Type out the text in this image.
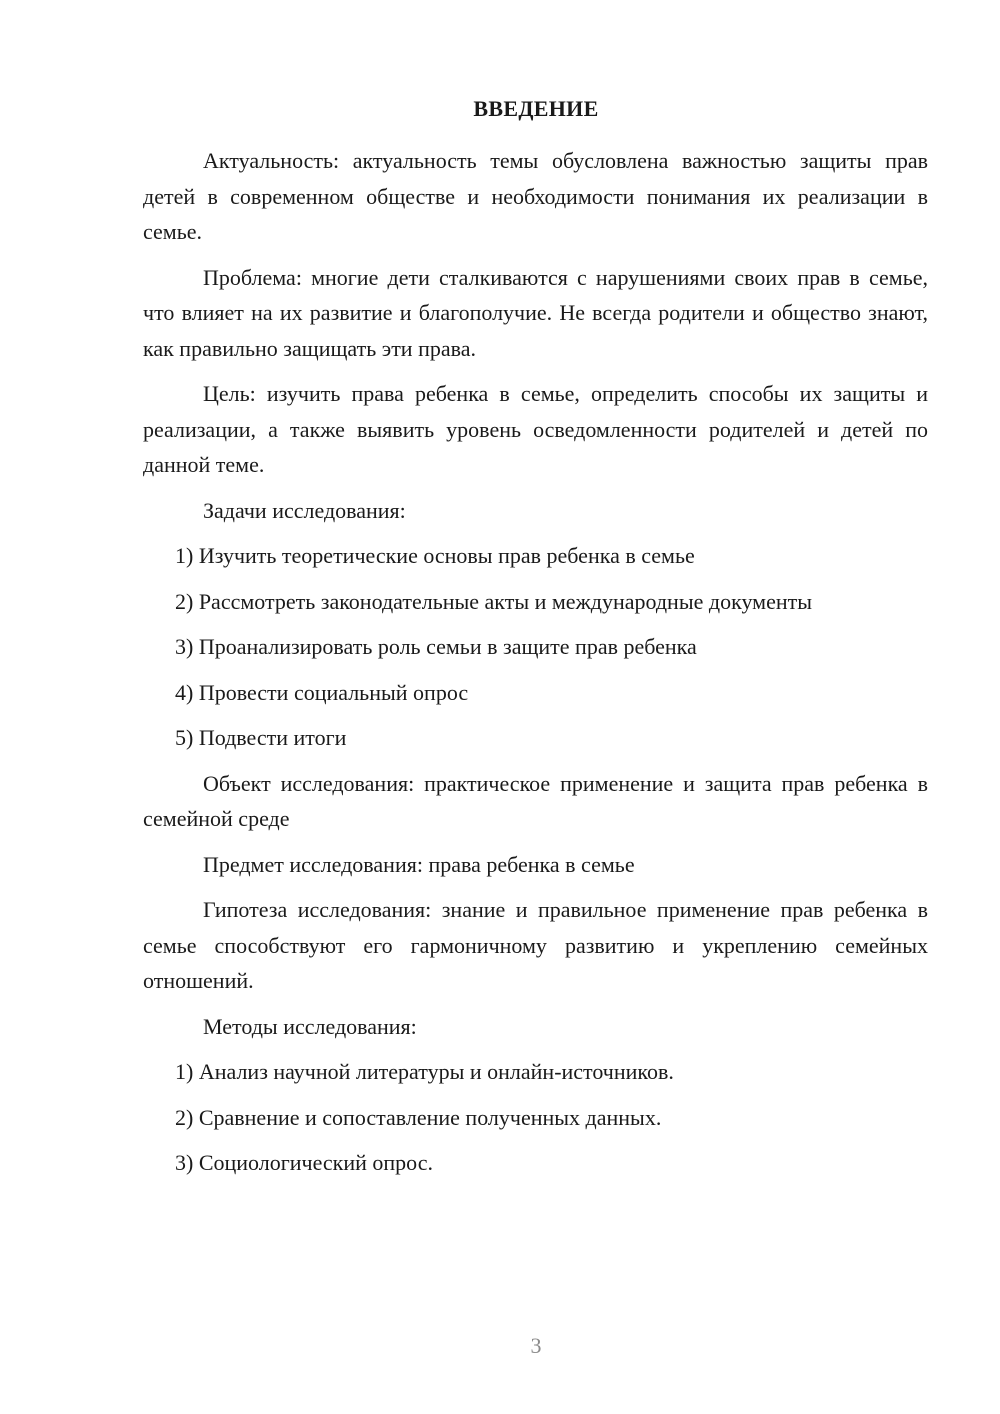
ВВЕДЕНИЕ

Актуальность: актуальность темы обусловлена важностью защиты прав детей в современном обществе и необходимости понимания их реализации в семье.

Проблема: многие дети сталкиваются с нарушениями своих прав в семье, что влияет на их развитие и благополучие. Не всегда родители и общество знают, как правильно защищать эти права.

Цель: изучить права ребенка в семье, определить способы их защиты и реализации, а также выявить уровень осведомленности родителей и детей по данной теме.

Задачи исследования:

1) Изучить теоретические основы прав ребенка в семье
2) Рассмотреть законодательные акты и международные документы
3) Проанализировать роль семьи в защите прав ребенка
4) Провести социальный опрос
5) Подвести итоги

Объект исследования: практическое применение и защита прав ребенка в семейной среде

Предмет исследования: права ребенка в семье

Гипотеза исследования: знание и правильное применение прав ребенка в семье способствуют его гармоничному развитию и укреплению семейных отношений.

Методы исследования:

1) Анализ научной литературы и онлайн-источников.
2) Сравнение и сопоставление полученных данных.
3) Социологический опрос.
3
